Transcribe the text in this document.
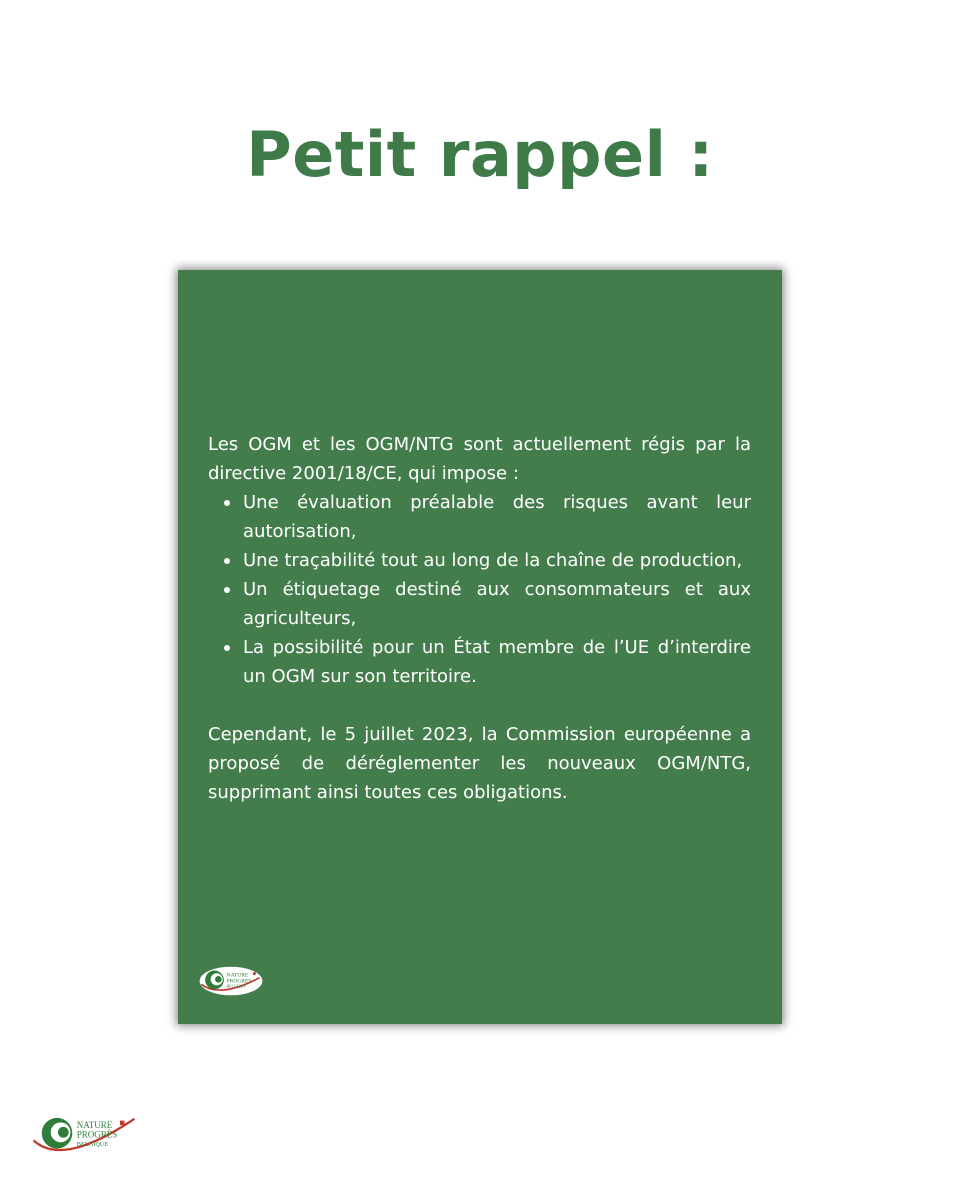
Petit rappel :

Les OGM et les OGM/NTG sont actuellement régis par la directive 2001/18/CE, qui impose :

Une évaluation préalable des risques avant leur autorisation,
Une traçabilité tout au long de la chaîne de production,
Un étiquetage destiné aux consommateurs et aux agriculteurs,
La possibilité pour un État membre de l’UE d’interdire un OGM sur son territoire.

Cependant, le 5 juillet 2023, la Commission européenne a proposé de déréglementer les nouveaux OGM/NTG, supprimant ainsi toutes ces obligations.

NATURE
PROGRÈS
BELGIQUE
NATURE
PROGRÈS
BELGIQUE
